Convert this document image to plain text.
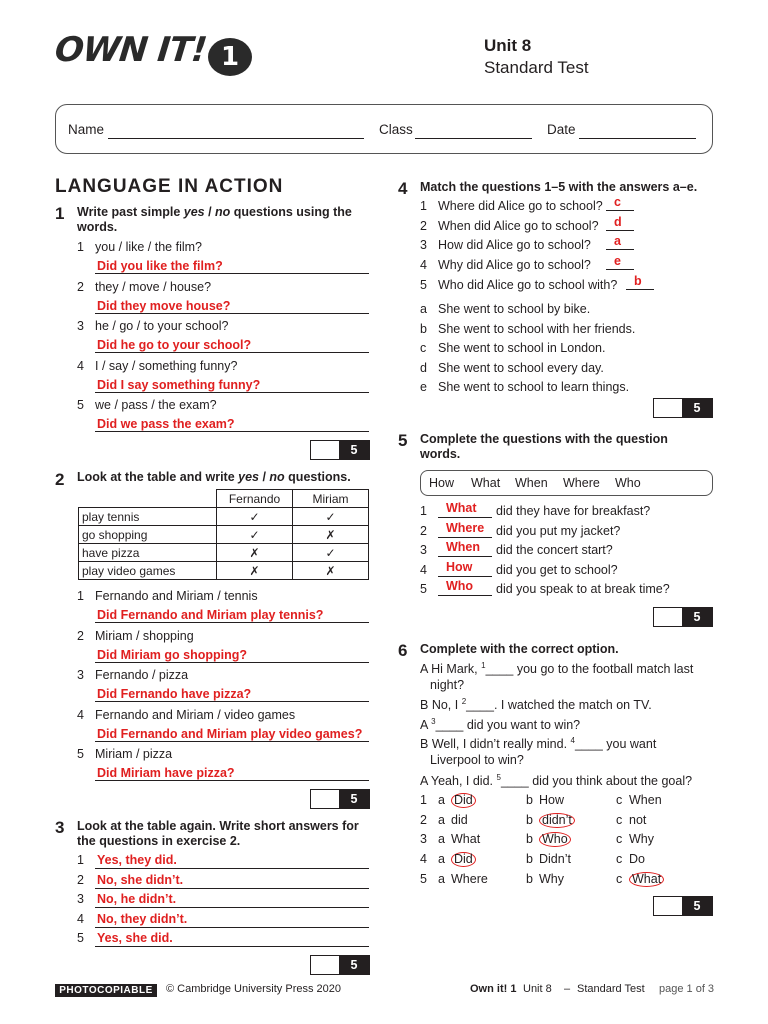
OWN IT! 1	Unit 8
Standard Test
Name	Class	Date
LANGUAGE IN ACTION
PHOTOCOPIABLE	© Cambridge University Press 2020	Own it! 1 Unit 8 – Standard Test page 1 of 3
1 Write past simple yes / no questions using the words.
1 you / like / the film?
Did you like the film?
2 they / move / house?
Did they move house?
3 he / go / to your school?
Did he go to your school?
4 I / say / something funny?
Did I say something funny?
5 we / pass / the exam?
Did we pass the exam?
5
2 Look at the table and write yes / no questions.
	Fernando	Miriam
play tennis	✓	✓
go shopping	✓	✗
have pizza	✗	✓
play video games	✗	✗
1 Fernando and Miriam / tennis
Did Fernando and Miriam play tennis?
2 Miriam / shopping
Did Miriam go shopping?
3 Fernando / pizza
Did Fernando have pizza?
4 Fernando and Miriam / video games
Did Fernando and Miriam play video games?
5 Miriam / pizza
Did Miriam have pizza?
5
3 Look at the table again. Write short answers for the questions in exercise 2.
1 Yes, they did.
2 No, she didn’t.
3 No, he didn’t.
4 No, they didn’t.
5 Yes, she did.
5
4 Match the questions 1–5 with the answers a–e.
1 Where did Alice go to school? c
2 When did Alice go to school? d
3 How did Alice go to school? a
4 Why did Alice go to school? e
5 Who did Alice go to school with? b
a She went to school by bike.
b She went to school with her friends.
c She went to school in London.
d She went to school every day.
e She went to school to learn things.
5
5 Complete the questions with the question words.
How What When Where Who
1 What	did they have for breakfast?
2 Where did you put my jacket?
3 When	did the concert start?
4 How	did you get to school?
5 Who	did you speak to at break time?
5
6 Complete with the correct option.
A Hi Mark, $^1$____ you go to the football match last
night?
B No, I $^2$____. I watched the match on TV.
A $^3$____ did you want to win?
B Well, I didn’t really mind. $^4$____ you want
Liverpool to win?
A Yeah, I did. $^5$____ did you think about the goal?
1 a Did	b How	c When
2 a did	b didn’t	c not
3 a What	b Who	c Why
4 a Did	b Didn’t	c Do
5 a Where	b Why	c What
5
